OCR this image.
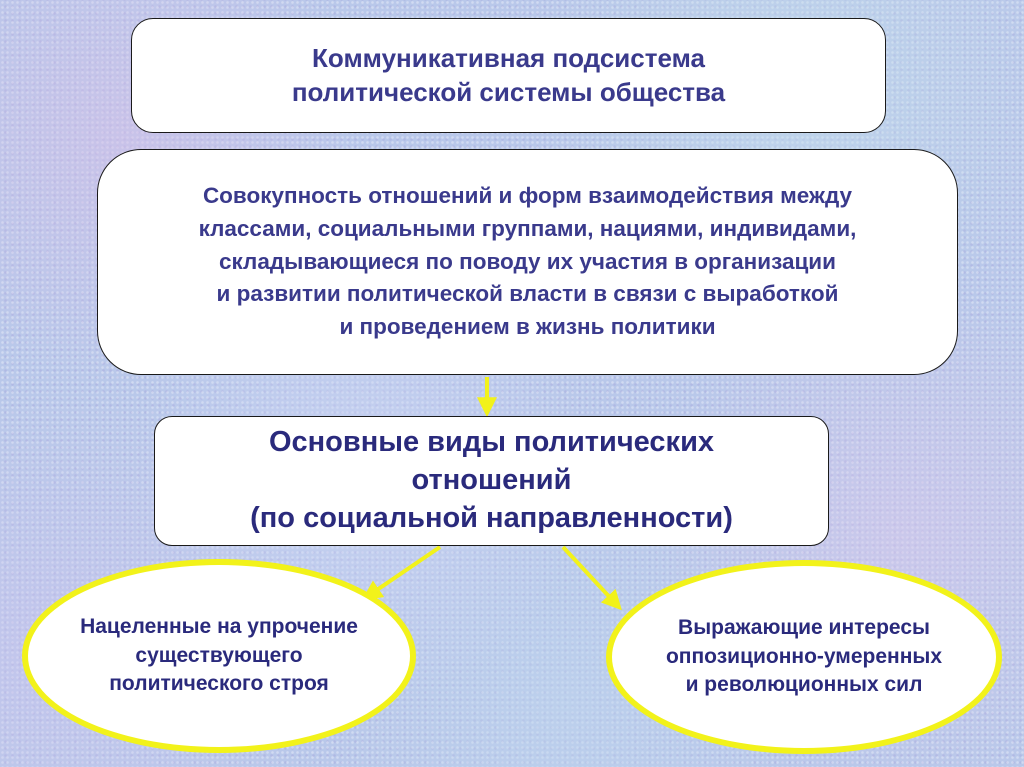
Коммуникативная подсистема
политической системы общества
Совокупность отношений и форм взаимодействия между
классами, социальными группами, нациями, индивидами,
складывающиеся по поводу их участия в организации
и развитии политической власти в связи с выработкой
и проведением в жизнь политики
Основные виды политических
отношений
(по социальной направленности)
Нацеленные на упрочение
существующего
политического строя
Выражающие интересы
оппозиционно-умеренных
и революционных сил
